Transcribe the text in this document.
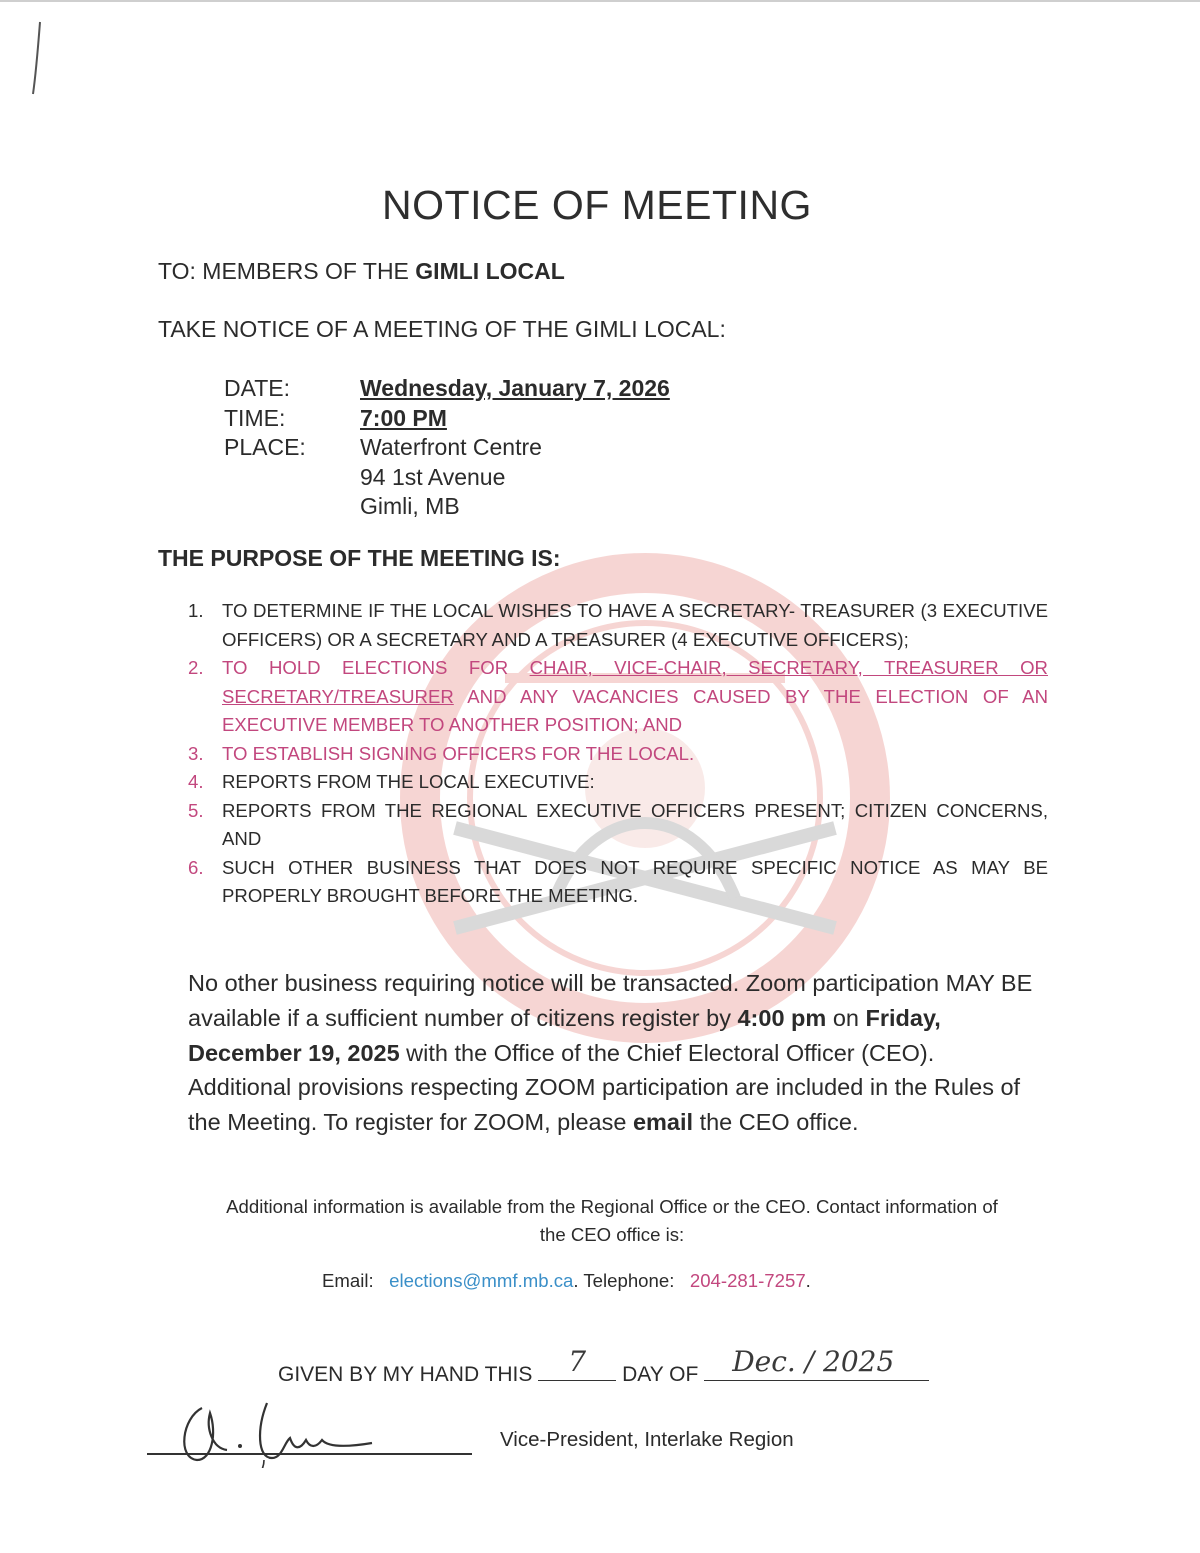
NOTICE OF MEETING
TO: MEMBERS OF THE GIMLI LOCAL
TAKE NOTICE OF A MEETING OF THE GIMLI LOCAL:
DATE:	Wednesday, January 7, 2026
TIME:	7:00 PM
PLACE:	Waterfront Centre
94 1st Avenue
Gimli, MB
THE PURPOSE OF THE MEETING IS:
1. TO DETERMINE IF THE LOCAL WISHES TO HAVE A SECRETARY- TREASURER (3 EXECUTIVE OFFICERS) OR A SECRETARY AND A TREASURER (4 EXECUTIVE OFFICERS);
2. TO HOLD ELECTIONS FOR CHAIR, VICE-CHAIR, SECRETARY, TREASURER OR SECRETARY/TREASURER AND ANY VACANCIES CAUSED BY THE ELECTION OF AN EXECUTIVE MEMBER TO ANOTHER POSITION; AND
3. TO ESTABLISH SIGNING OFFICERS FOR THE LOCAL.
4. REPORTS FROM THE LOCAL EXECUTIVE:
5. REPORTS FROM THE REGIONAL EXECUTIVE OFFICERS PRESENT; CITIZEN CONCERNS, AND
6. SUCH OTHER BUSINESS THAT DOES NOT REQUIRE SPECIFIC NOTICE AS MAY BE PROPERLY BROUGHT BEFORE THE MEETING.
No other business requiring notice will be transacted. Zoom participation MAY BE available if a sufficient number of citizens register by 4:00 pm on Friday, December 19, 2025 with the Office of the Chief Electoral Officer (CEO). Additional provisions respecting ZOOM participation are included in the Rules of the Meeting. To register for ZOOM, please email the CEO office.
Additional information is available from the Regional Office or the CEO. Contact information of the CEO office is:
Email: elections@mmf.mb.ca. Telephone: 204-281-7257.
GIVEN BY MY HAND THIS 7 DAY OF Dec. / 2025
Vice-President, Interlake Region
